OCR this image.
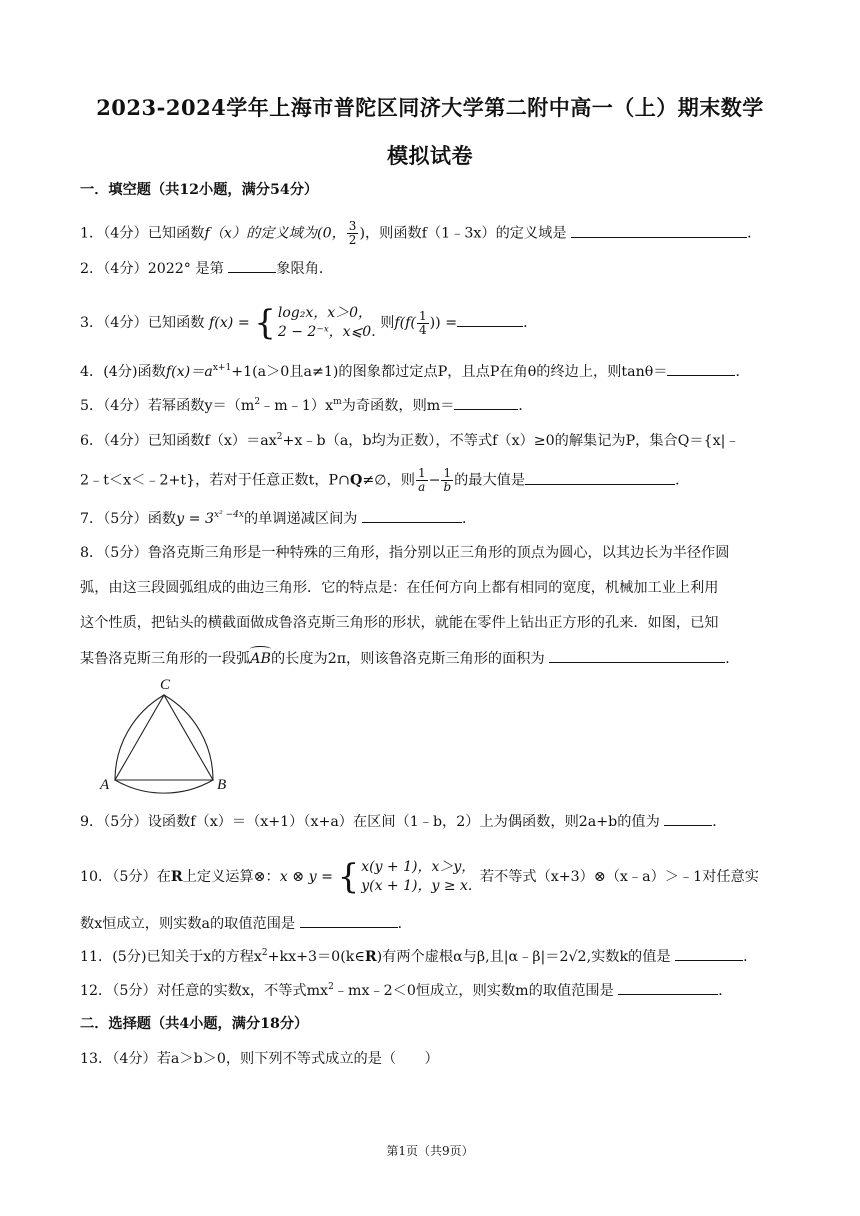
2023-2024学年上海市普陀区同济大学第二附中高一（上）期末数学
模拟试卷
一．填空题（共12小题，满分54分）
1．（4分）已知函数f（x）的定义域为(0， $\frac{3}{2}$ )，则函数f（1﹣3x）的定义域是	．
2．（4分）2022° 是第	象限角．
3．（4分）已知函数 f(x) = { log₂x，x＞0，
2 − 2⁻ˣ，x⩽0.
则$f(f( \frac{1}{4}$ )) =	．
4．(4分)函数$f(x)=a^{x+1}+1(a>0$且a≠1)的图象都过定点P，且点P在角θ的终边上，则tanθ＝	．
5．（4分）若幂函数$y=(m^2﹣m﹣1)x^m$为奇函数，则m＝	．
6．（4分）已知函数$f(x)=ax^2+x﹣b(a$，b均为正数），不等式f（x）≥0的解集记为P，集合Q＝{x|﹣
2﹣t＜x＜﹣2+t}，若对于任意正数t，P∩Q≠∅，则 $\frac{1}{a} - \frac{1}{b}$ 的最大值是	．
7．（5分）函数$y = 3^{x^2 -4x}$的单调递减区间为	．
8．（5分）鲁洛克斯三角形是一种特殊的三角形，指分别以正三角形的顶点为圆心，以其边长为半径作圆
弧，由这三段圆弧组成的曲边三角形．它的特点是：在任何方向上都有相同的宽度，机械加工业上利用
这个性质，把钻头的横截面做成鲁洛克斯三角形的形状，就能在零件上钻出正方形的孔来．如图，已知
某鲁洛克斯三角形的一段弧AB的长度为2π，则该鲁洛克斯三角形的面积为	．
C
A	B
9．（5分）设函数f（x）＝（x+1）（x+a）在区间（1﹣b，2）上为偶函数，则2a+b的值为	．
10．（5分）在R上定义运算⊗：x ⊗ y = { x(y + 1)，x＞y，
y(x + 1)，y ≥ x.
若不等式（x+3）⊗（x﹣a）＞﹣1对任意实
数x恒成立，则实数a的取值范围是	．
11．(5分)已知关于x的方程$x^2+kx+3=0(k\in R)$有两个虚根α与β,且|α﹣β|＝2√2,实数k的值是	．
12．（5分）对任意的实数x，不等式$mx^2﹣mx﹣2<0$恒成立，则实数m的取值范围是	．
二．选择题（共4小题，满分18分）
13．（4分）若a＞b＞0，则下列不等式成立的是（　　）
第1页（共9页）
